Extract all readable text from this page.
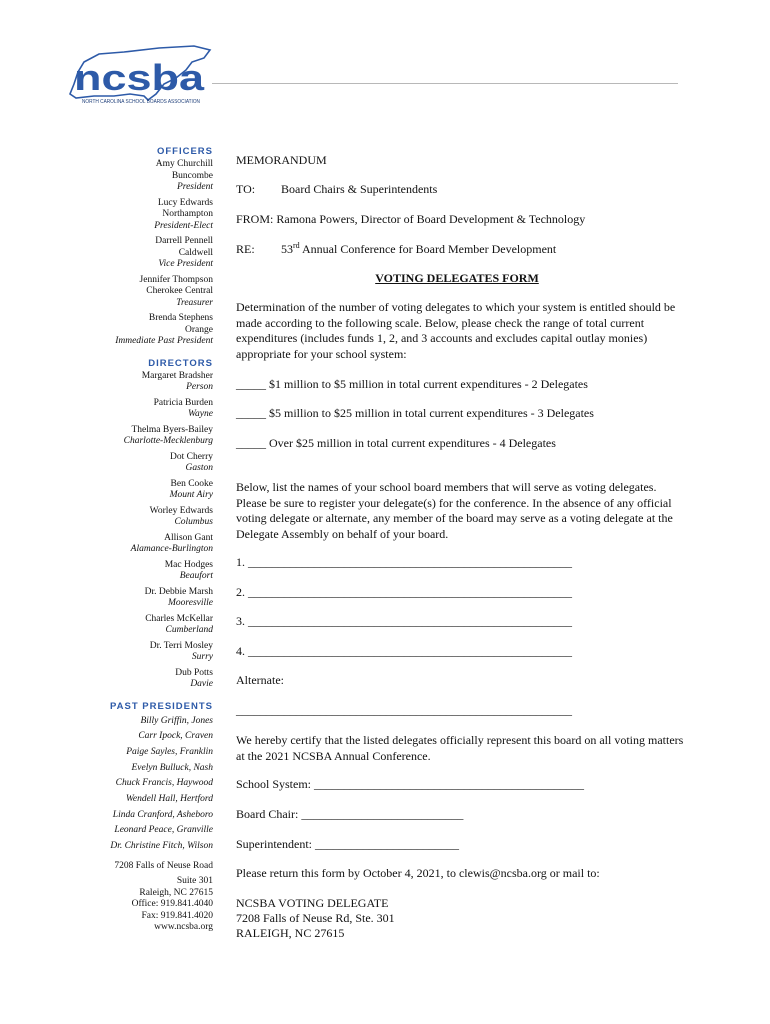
ncsba
NORTH CAROLINA SCHOOL BOARDS ASSOCIATION
OFFICERS
Amy Churchill
Buncombe
President
Lucy Edwards
Northampton
President-Elect
Darrell Pennell
Caldwell
Vice President
Jennifer Thompson
Cherokee Central
Treasurer
Brenda Stephens
Orange
Immediate Past President
DIRECTORS
Margaret Bradsher
Person
Patricia Burden
Wayne
Thelma Byers-Bailey
Charlotte-Mecklenburg
Dot Cherry
Gaston
Ben Cooke
Mount Airy
Worley Edwards
Columbus
Allison Gant
Alamance-Burlington
Mac Hodges
Beaufort
Dr. Debbie Marsh
Mooresville
Charles McKellar
Cumberland
Dr. Terri Mosley
Surry
Dub Potts
Davie
PAST PRESIDENTS
Billy Griffin, Jones
Carr Ipock, Craven
Paige Sayles, Franklin
Evelyn Bulluck, Nash
Chuck Francis, Haywood
Wendell Hall, Hertford
Linda Cranford, Asheboro
Leonard Peace, Granville
Dr. Christine Fitch, Wilson
7208 Falls of Neuse Road
Suite 301
Raleigh, NC 27615
Office: 919.841.4040
Fax: 919.841.4020
www.ncsba.org
MEMORANDUM
TO: Board Chairs & Superintendents
FROM: Ramona Powers, Director of Board Development & Technology
RE: 53rd Annual Conference for Board Member Development
VOTING DELEGATES FORM
Determination of the number of voting delegates to which your system is entitled should be made according to the following scale. Below, please check the range of total current expenditures (includes funds 1, 2, and 3 accounts and excludes capital outlay monies) appropriate for your school system:
_____ $1 million to $5 million in total current expenditures - 2 Delegates
_____ $5 million to $25 million in total current expenditures - 3 Delegates
_____ Over $25 million in total current expenditures - 4 Delegates
Below, list the names of your school board members that will serve as voting delegates. Please be sure to register your delegate(s) for the conference. In the absence of any official voting delegate or alternate, any member of the board may serve as a voting delegate at the Delegate Assembly on behalf of your board.
1. ______________________________________________________
2. ______________________________________________________
3. ______________________________________________________
4. ______________________________________________________
Alternate:
________________________________________________________
We hereby certify that the listed delegates officially represent this board on all voting matters at the 2021 NCSBA Annual Conference.
School System: _____________________________________________
Board Chair: ___________________________
Superintendent: ________________________
Please return this form by October 4, 2021, to clewis@ncsba.org or mail to:
NCSBA VOTING DELEGATE
7208 Falls of Neuse Rd, Ste. 301
RALEIGH, NC 27615
